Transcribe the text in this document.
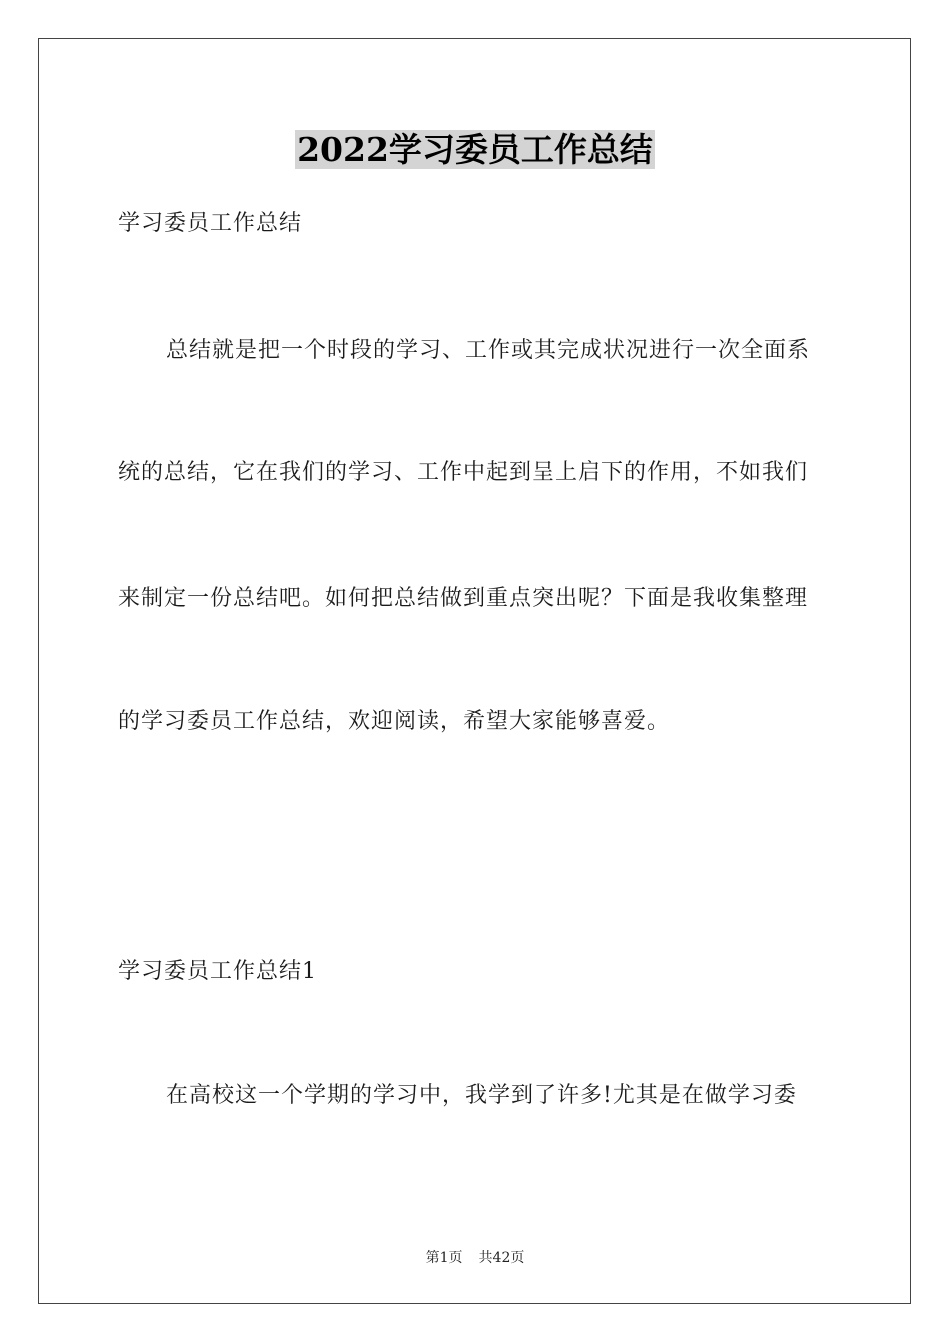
2022学习委员工作总结
学习委员工作总结
总结就是把一个时段的学习、工作或其完成状况进行一次全面系
统的总结，它在我们的学习、工作中起到呈上启下的作用，不如我们
来制定一份总结吧。如何把总结做到重点突出呢？下面是我收集整理
的学习委员工作总结，欢迎阅读，希望大家能够喜爱。
学习委员工作总结1
在高校这一个学期的学习中，我学到了许多!尤其是在做学习委
第1页 共42页
